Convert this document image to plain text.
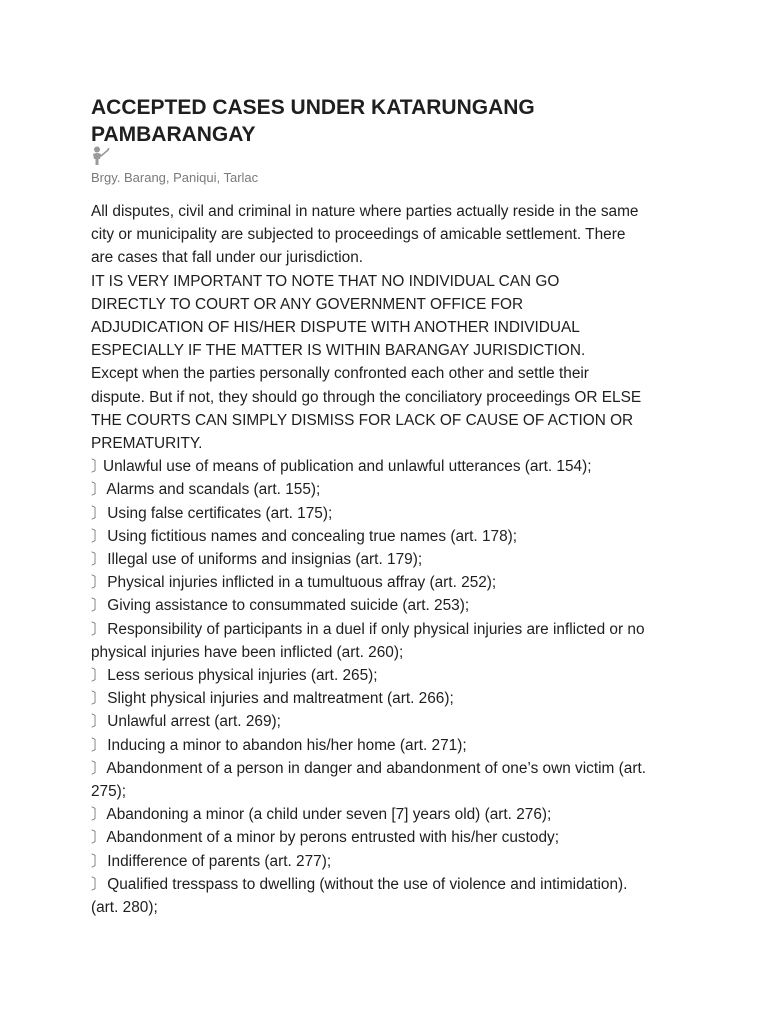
ACCEPTED CASES UNDER KATARUNGANG
PAMBARANGAY
Brgy. Barang, Paniqui, Tarlac
All disputes, civil and criminal in nature where parties actually reside in the same
city or municipality are subjected to proceedings of amicable settlement. There
are cases that fall under our jurisdiction.
IT IS VERY IMPORTANT TO NOTE THAT NO INDIVIDUAL CAN GO
DIRECTLY TO COURT OR ANY GOVERNMENT OFFICE FOR
ADJUDICATION OF HIS/HER DISPUTE WITH ANOTHER INDIVIDUAL
ESPECIALLY IF THE MATTER IS WITHIN BARANGAY JURISDICTION.
Except when the parties personally confronted each other and settle their
dispute. But if not, they should go through the conciliatory proceedings OR ELSE
THE COURTS CAN SIMPLY DISMISS FOR LACK OF CAUSE OF ACTION OR
PREMATURITY.
〕Unlawful use of means of publication and unlawful utterances (art. 154);
〕 Alarms and scandals (art. 155);
〕 Using false certificates (art. 175);
〕 Using fictitious names and concealing true names (art. 178);
〕 Illegal use of uniforms and insignias (art. 179);
〕 Physical injuries inflicted in a tumultuous affray (art. 252);
〕 Giving assistance to consummated suicide (art. 253);
〕 Responsibility of participants in a duel if only physical injuries are inflicted or no
physical injuries have been inflicted (art. 260);
〕 Less serious physical injuries (art. 265);
〕 Slight physical injuries and maltreatment (art. 266);
〕 Unlawful arrest (art. 269);
〕 Inducing a minor to abandon his/her home (art. 271);
〕 Abandonment of a person in danger and abandonment of one’s own victim (art.
275);
〕 Abandoning a minor (a child under seven [7] years old) (art. 276);
〕 Abandonment of a minor by perons entrusted with his/her custody;
〕 Indifference of parents (art. 277);
〕 Qualified tresspass to dwelling (without the use of violence and intimidation).
(art. 280);
